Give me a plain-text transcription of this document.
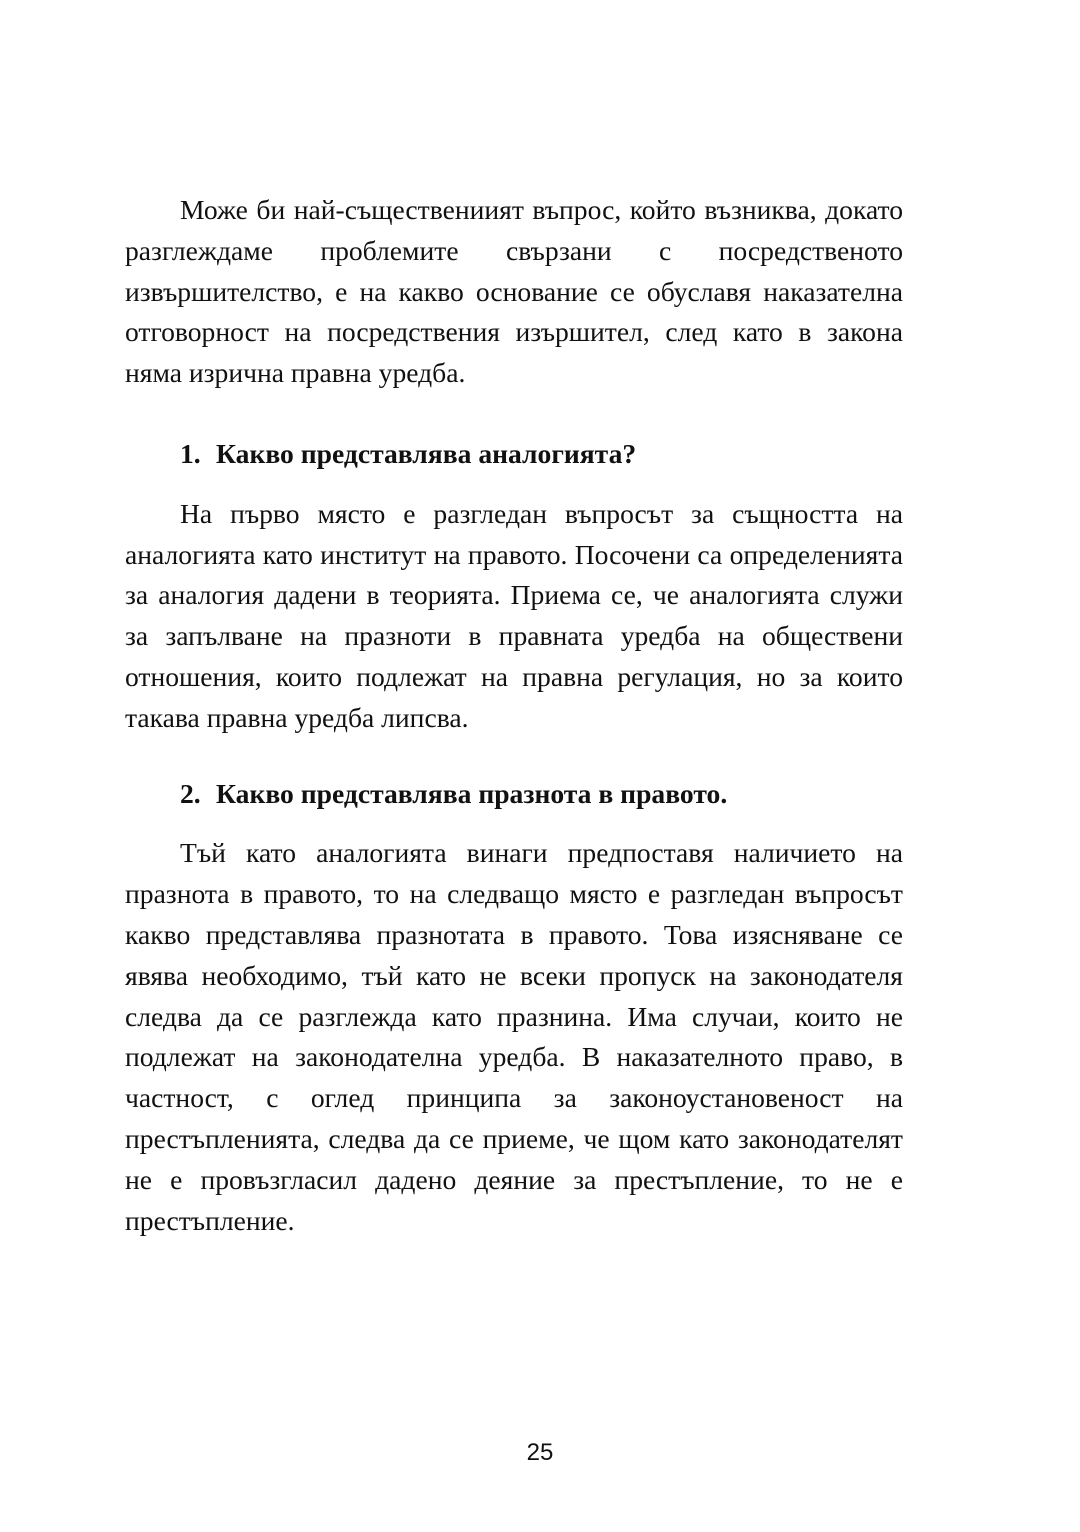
Може би най-съществениият въпрос, който възниква, докато разглеждаме проблемите свързани с посредственото извършителство, е на какво основание се обуславя наказателна отговорност на посредствения изършител, след като в закона няма изрична правна уредба.

1. Какво представлява аналогията?

На първо място е разгледан въпросът за същността на аналогията като институт на правото. Посочени са определенията за аналогия дадени в теорията. Приема се, че аналогията служи за запълване на празноти в правната уредба на обществени отношения, които подлежат на правна регулация, но за които такава правна уредба липсва.

2. Какво представлява празнота в правото.

Тъй като аналогията винаги предпоставя наличието на празнота в правото, то на следващо място е разгледан въпросът какво представлява празнотата в правото. Това изясняване се явява необходимо, тъй като не всеки пропуск на законодателя следва да се разглежда като празнина. Има случаи, които не подлежат на законодателна уредба. В наказателното право, в частност, с оглед принципа за законоустановеност на престъпленията, следва да се приеме, че щом като законодателят не е провъзгласил дадено деяние за престъпление, то не е престъпление.

25
